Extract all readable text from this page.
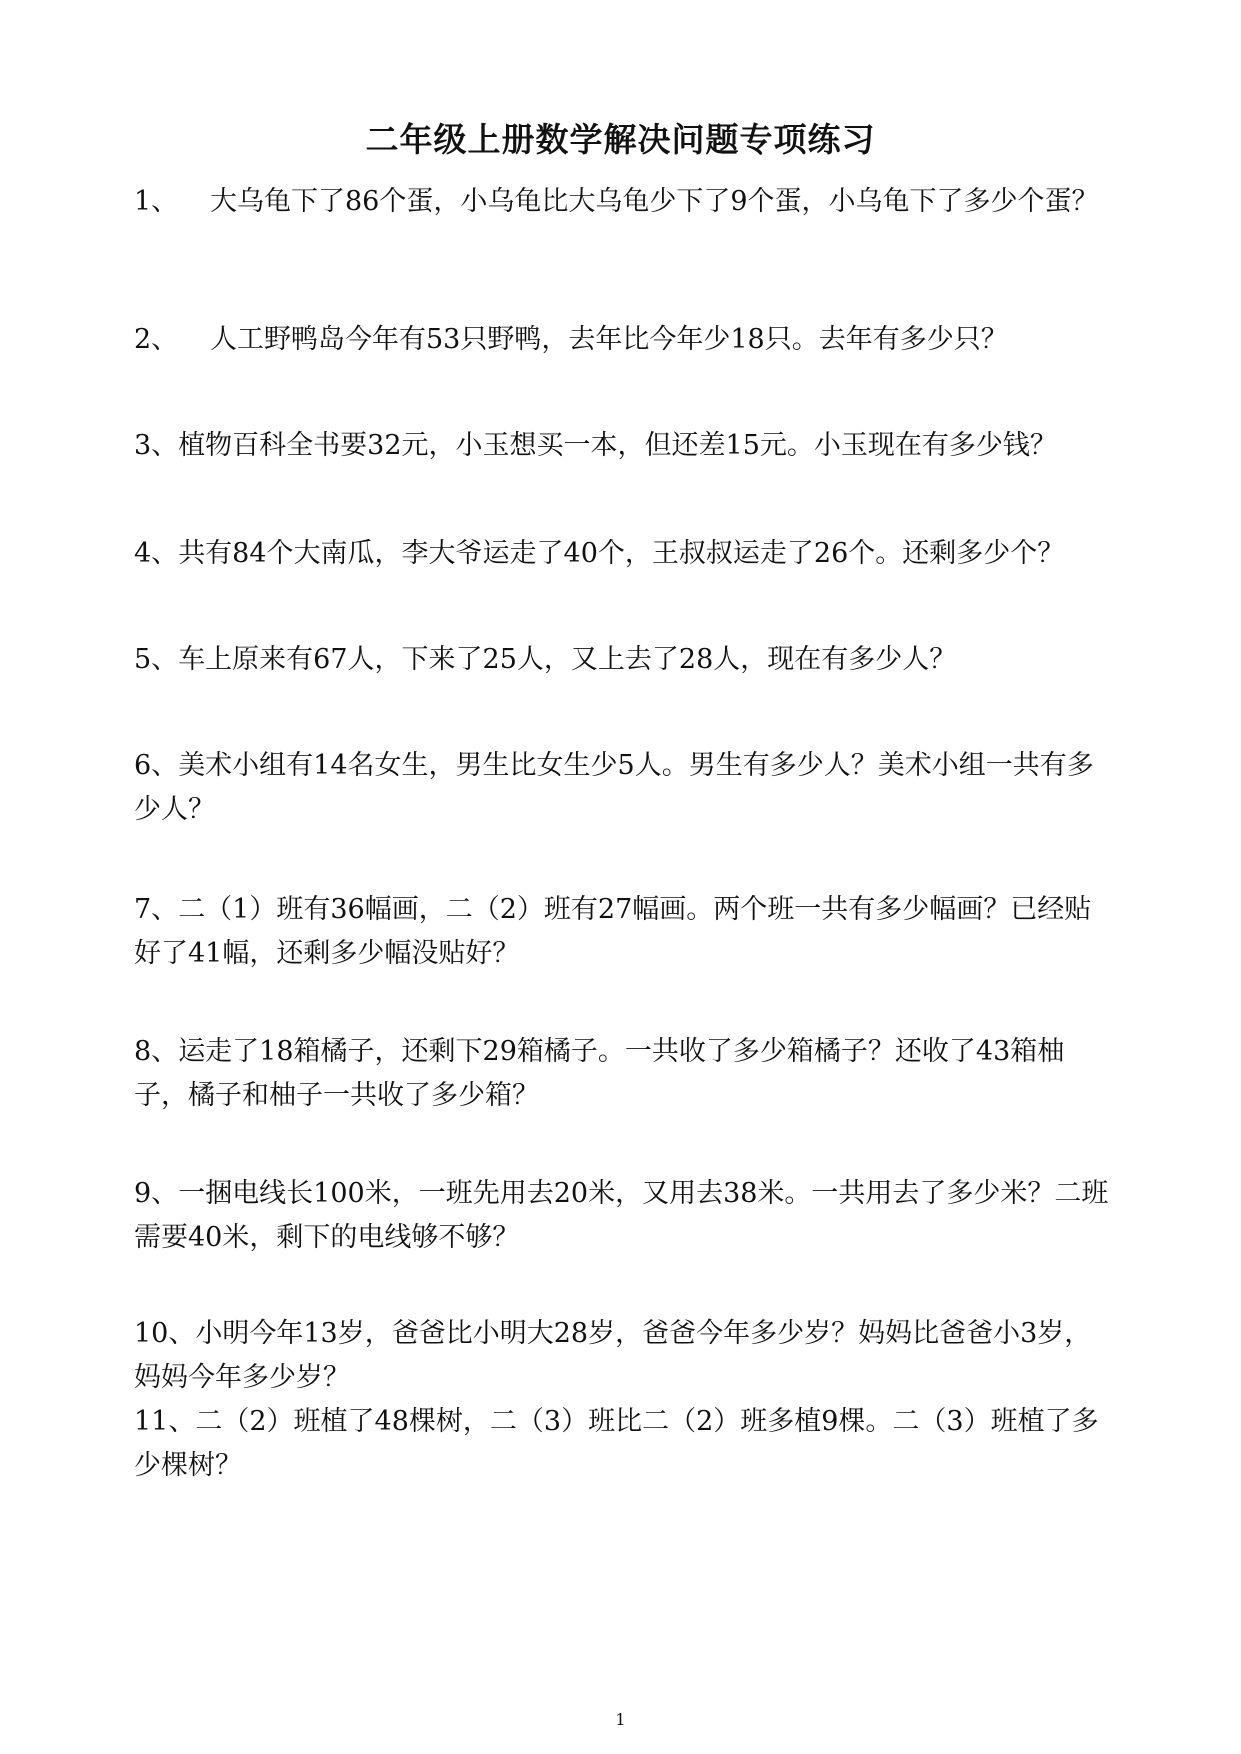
二年级上册数学解决问题专项练习
1、	大乌龟下了86个蛋，小乌龟比大乌龟少下了9个蛋，小乌龟下了多少个蛋？
2、	人工野鸭岛今年有53只野鸭，去年比今年少18只。去年有多少只？
3、植物百科全书要32元，小玉想买一本，但还差15元。小玉现在有多少钱？
4、共有84个大南瓜，李大爷运走了40个，王叔叔运走了26个。还剩多少个？
5、车上原来有67人，下来了25人，又上去了28人，现在有多少人？
6、美术小组有14名女生，男生比女生少5人。男生有多少人？美术小组一共有多少人？
7、二（1）班有36幅画，二（2）班有27幅画。两个班一共有多少幅画？已经贴好了41幅，还剩多少幅没贴好？
8、运走了18箱橘子，还剩下29箱橘子。一共收了多少箱橘子？还收了43箱柚子，橘子和柚子一共收了多少箱？
9、一捆电线长100米，一班先用去20米，又用去38米。一共用去了多少米？二班需要40米，剩下的电线够不够？
10、小明今年13岁，爸爸比小明大28岁，爸爸今年多少岁？妈妈比爸爸小3岁，妈妈今年多少岁？
11、二（2）班植了48棵树，二（3）班比二（2）班多植9棵。二（3）班植了多少棵树？
1
